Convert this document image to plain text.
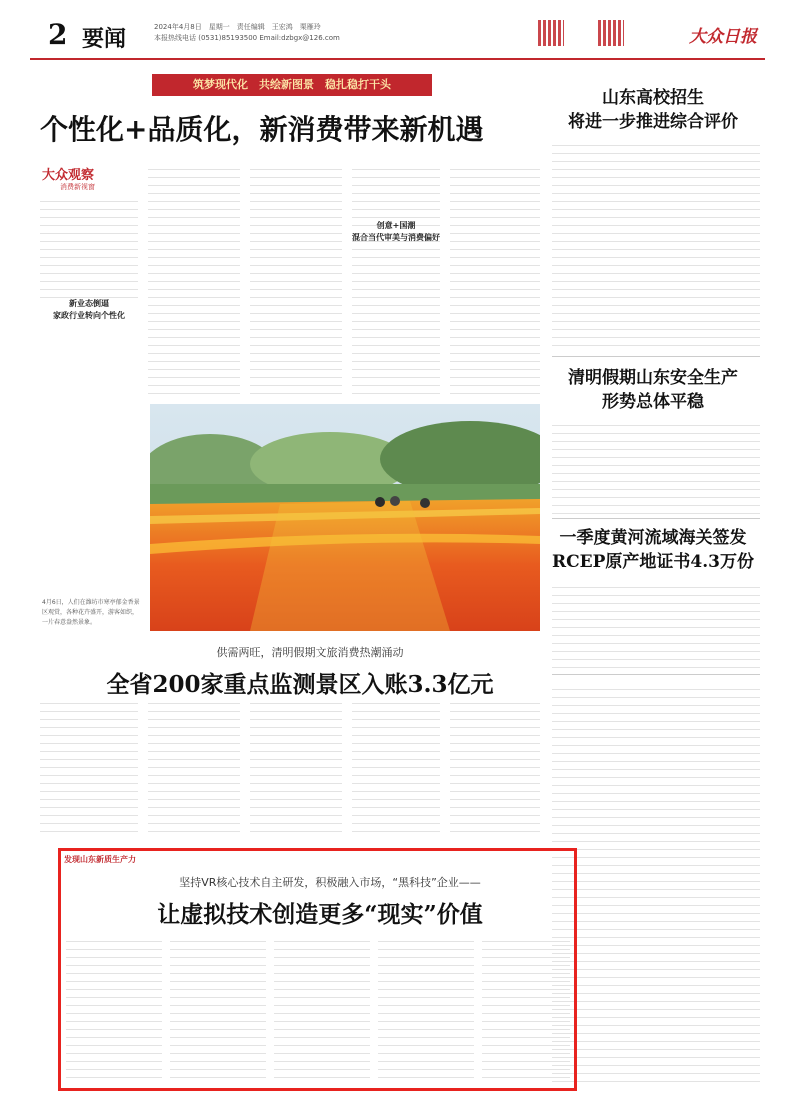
2 要闻	2024年4月8日　星期一　责任编辑　王宏鸿　栗雁玲
本报热线电话 (0531)85193500 Email:dzbgx@126.com	大众日报
筑梦现代化　共绘新图景　稳扎稳打干头
个性化+品质化，新消费带来新机遇
大众观察
消费新视窗

新业态倒逼
家政行业转向个性化

创意+国潮
混合当代审美与消费偏好

4月6日，人们在潍坊市寒亭郁金香景区观赏，各种花卉盛开，游客如织，一片春意盎然景象。
供需两旺，清明假期文旅消费热潮涌动
全省200家重点监测景区入账3.3亿元

山东高校招生
将进一步推进综合评价

清明假期山东安全生产
形势总体平稳

一季度黄河流域海关签发
RCEP原产地证书4.3万份

发现山东新质生产力
坚持VR核心技术自主研发，积极融入市场，“黑科技”企业——
让虚拟技术创造更多“现实”价值
